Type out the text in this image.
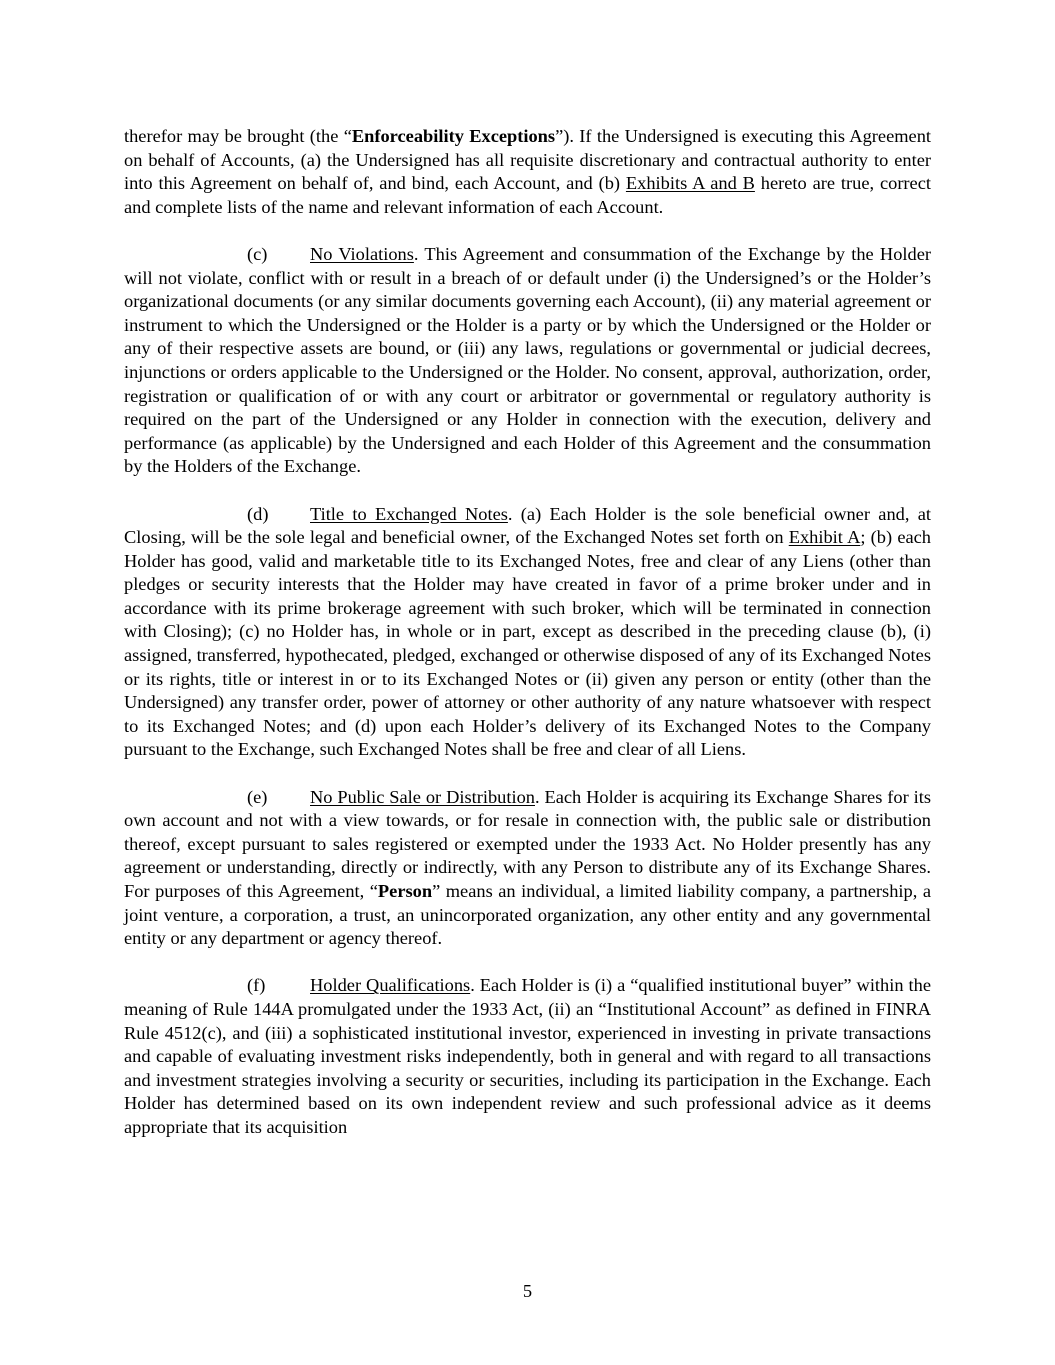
therefor may be brought (the “Enforceability Exceptions”). If the Undersigned is executing this Agreement on behalf of Accounts, (a) the Undersigned has all requisite discretionary and contractual authority to enter into this Agreement on behalf of, and bind, each Account, and (b) Exhibits A and B hereto are true, correct and complete lists of the name and relevant information of each Account.

(c) No Violations. This Agreement and consummation of the Exchange by the Holder will not violate, conflict with or result in a breach of or default under (i) the Undersigned’s or the Holder’s organizational documents (or any similar documents governing each Account), (ii) any material agreement or instrument to which the Undersigned or the Holder is a party or by which the Undersigned or the Holder or any of their respective assets are bound, or (iii) any laws, regulations or governmental or judicial decrees, injunctions or orders applicable to the Undersigned or the Holder. No consent, approval, authorization, order, registration or qualification of or with any court or arbitrator or governmental or regulatory authority is required on the part of the Undersigned or any Holder in connection with the execution, delivery and performance (as applicable) by the Undersigned and each Holder of this Agreement and the consummation by the Holders of the Exchange.

(d) Title to Exchanged Notes. (a) Each Holder is the sole beneficial owner and, at Closing, will be the sole legal and beneficial owner, of the Exchanged Notes set forth on Exhibit A; (b) each Holder has good, valid and marketable title to its Exchanged Notes, free and clear of any Liens (other than pledges or security interests that the Holder may have created in favor of a prime broker under and in accordance with its prime brokerage agreement with such broker, which will be terminated in connection with Closing); (c) no Holder has, in whole or in part, except as described in the preceding clause (b), (i) assigned, transferred, hypothecated, pledged, exchanged or otherwise disposed of any of its Exchanged Notes or its rights, title or interest in or to its Exchanged Notes or (ii) given any person or entity (other than the Undersigned) any transfer order, power of attorney or other authority of any nature whatsoever with respect to its Exchanged Notes; and (d) upon each Holder’s delivery of its Exchanged Notes to the Company pursuant to the Exchange, such Exchanged Notes shall be free and clear of all Liens.

(e) No Public Sale or Distribution. Each Holder is acquiring its Exchange Shares for its own account and not with a view towards, or for resale in connection with, the public sale or distribution thereof, except pursuant to sales registered or exempted under the 1933 Act. No Holder presently has any agreement or understanding, directly or indirectly, with any Person to distribute any of its Exchange Shares. For purposes of this Agreement, “Person” means an individual, a limited liability company, a partnership, a joint venture, a corporation, a trust, an unincorporated organization, any other entity and any governmental entity or any department or agency thereof.

(f) Holder Qualifications. Each Holder is (i) a “qualified institutional buyer” within the meaning of Rule 144A promulgated under the 1933 Act, (ii) an “Institutional Account” as defined in FINRA Rule 4512(c), and (iii) a sophisticated institutional investor, experienced in investing in private transactions and capable of evaluating investment risks independently, both in general and with regard to all transactions and investment strategies involving a security or securities, including its participation in the Exchange. Each Holder has determined based on its own independent review and such professional advice as it deems appropriate that its acquisition

5
